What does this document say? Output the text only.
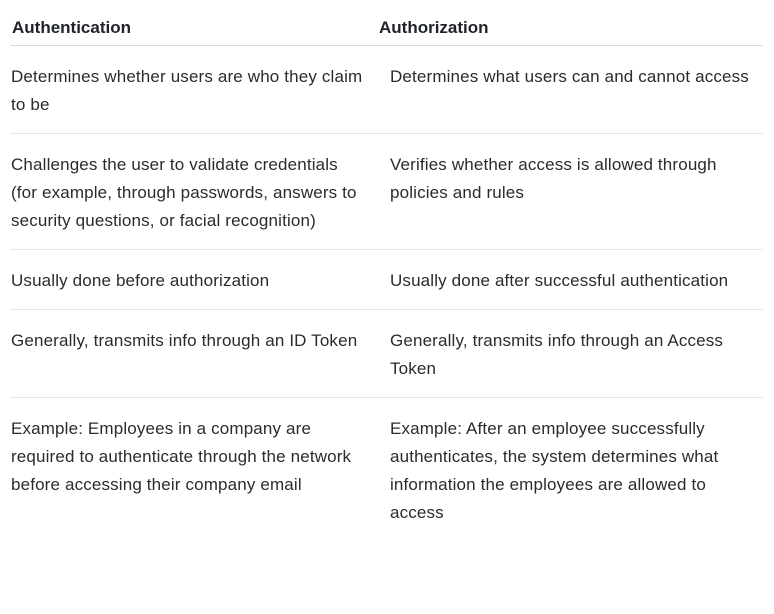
Authentication	Authorization
Determines whether users are who they claim to be	Determines what users can and cannot access
Challenges the user to validate credentials (for example, through passwords, answers to security questions, or facial recognition)	Verifies whether access is allowed through policies and rules
Usually done before authorization	Usually done after successful authentication
Generally, transmits info through an ID Token	Generally, transmits info through an Access Token
Example: Employees in a company are required to authenticate through the network before accessing their company email	Example: After an employee successfully authenticates, the system determines what information the employees are allowed to access
